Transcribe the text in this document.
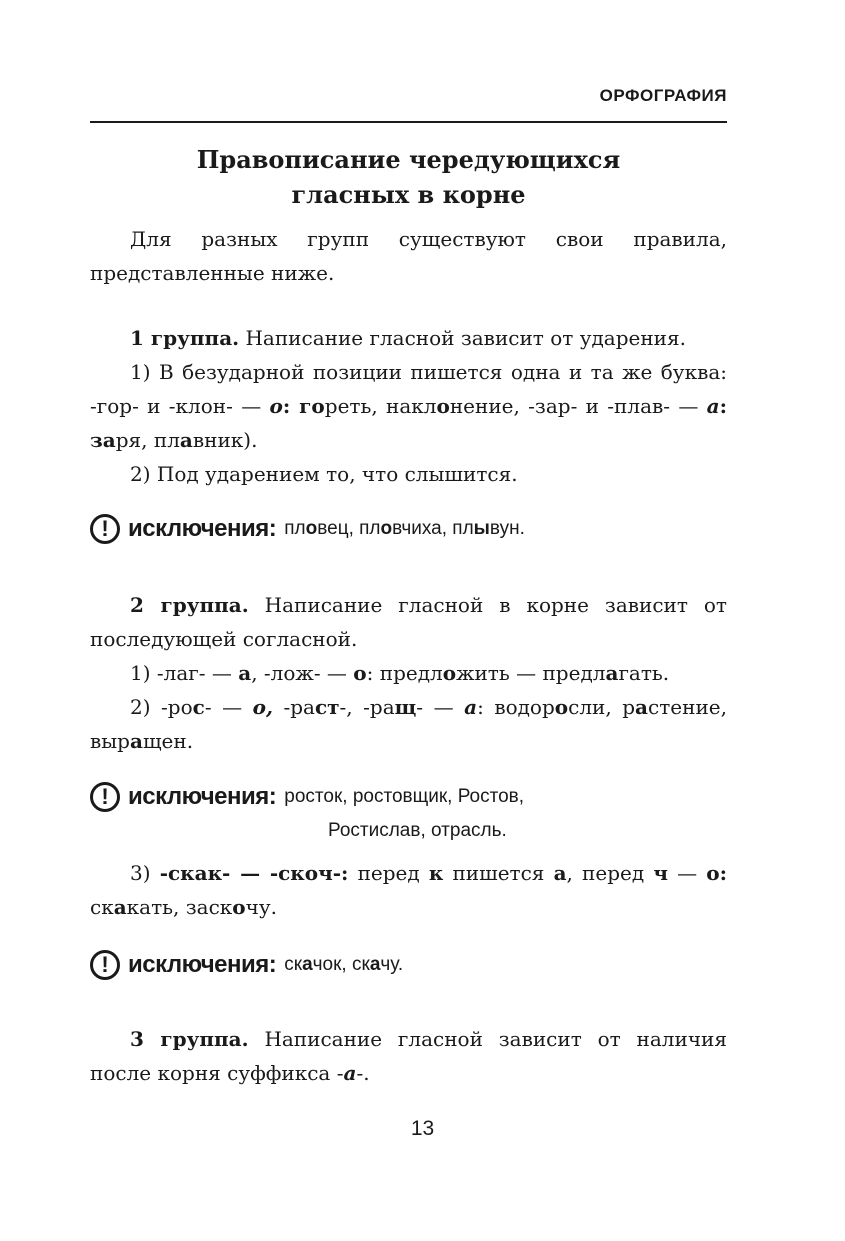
ОРФОГРАФИЯ
Правописание чередующихся
гласных в корне

Для разных групп существуют свои правила,

представленные ниже.

1 группа. Написание гласной зависит от ударения.

1) В безударной позиции пишется одна и та же буква: -гор- и -клон- — о: гореть, наклонение, -зар- и -плав- — а: заря, плавник).

2) Под ударением то, что слышится.

! исключения: пловец, пловчиха, плывун.

2 группа. Написание гласной в корне зависит от последующей согласной.

1) -лаг- — а, -лож- — о: предложить — предлагать.

2) -рос- — о, -раст-, -ращ- — а: водоросли, растение, выращен.

! исключения: росток, ростовщик, Ростов,
Ростислав, отрасль.

3) -скак- — -скоч-: перед к пишется а, перед ч — о: скакать, заскочу.

! исключения: скачок, скачу.

3 группа. Написание гласной зависит от наличия после корня суффикса -а-.

13
